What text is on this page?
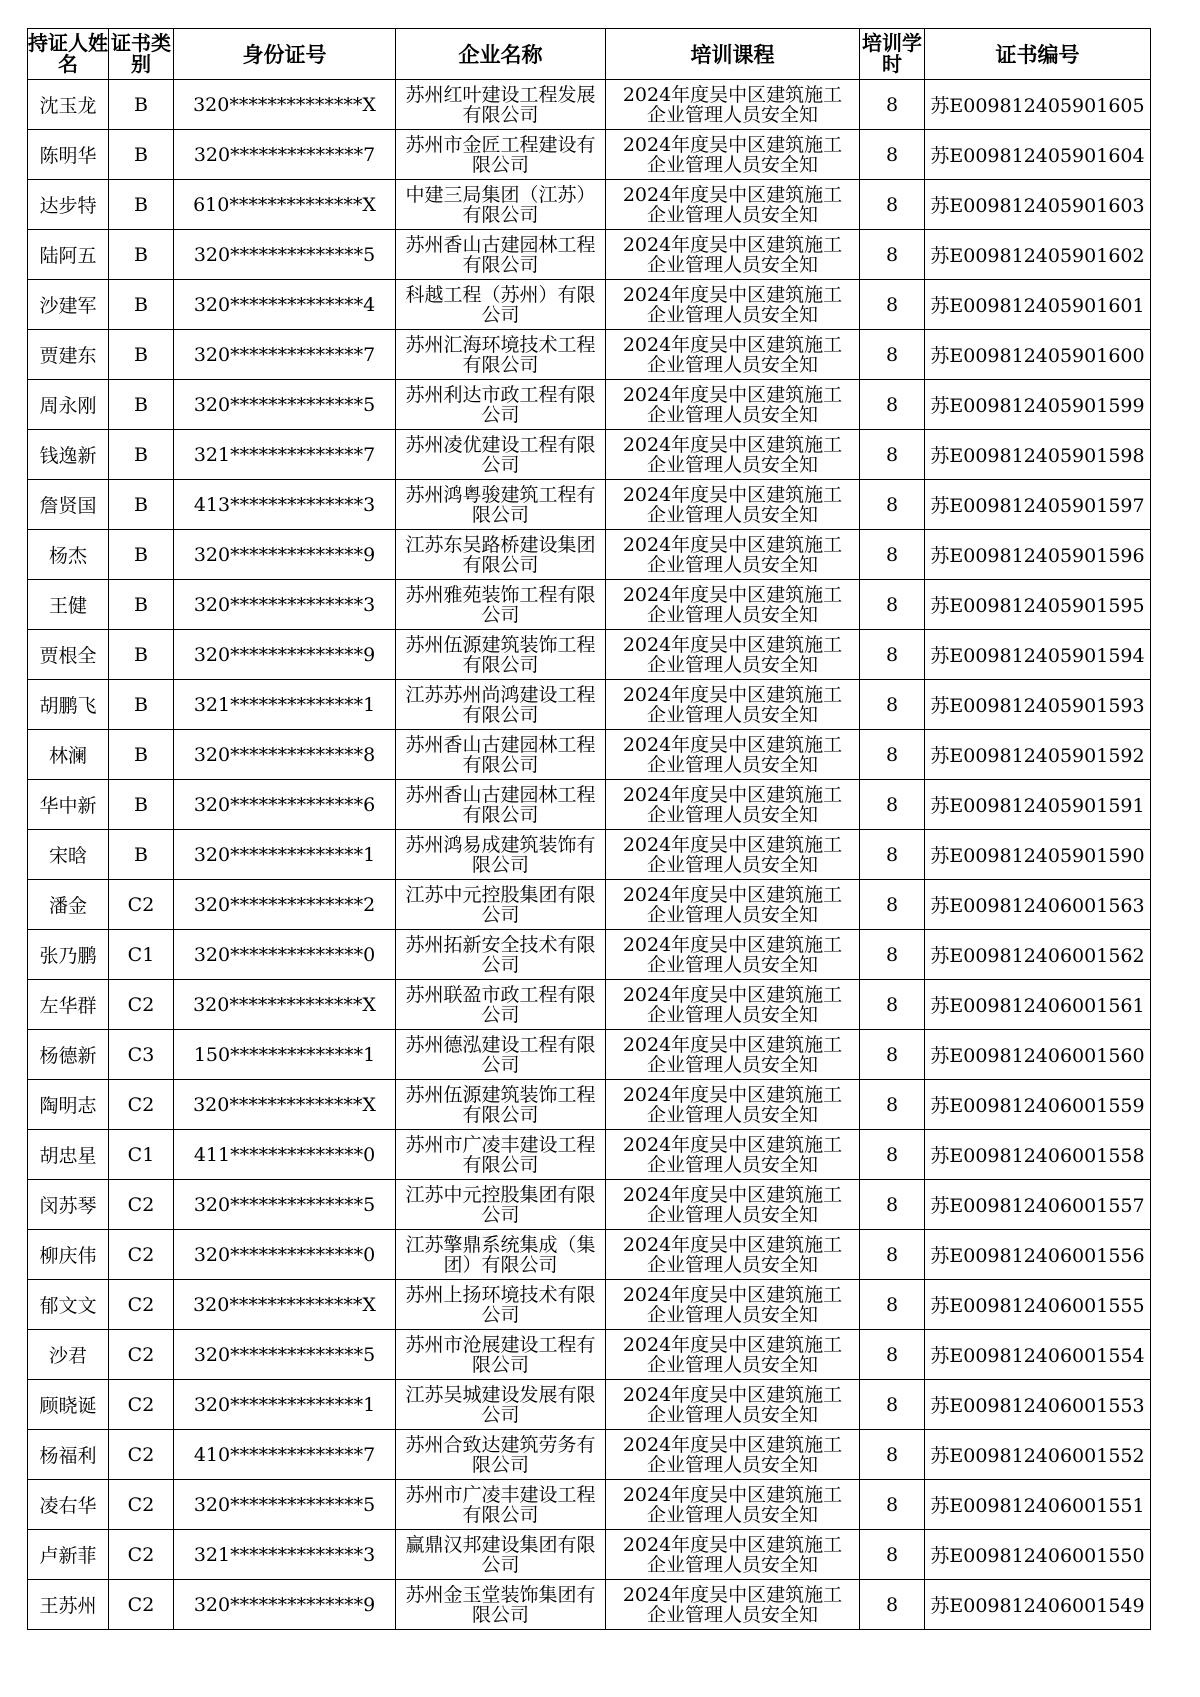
持证人姓名	证书类别	身份证号	企业名称	培训课程	培训学时	证书编号
沈玉龙	B	320**************X	苏州红叶建设工程发展有限公司	2024年度吴中区建筑施工企业管理人员安全知	8	苏E009812405901605
陈明华	B	320**************7	苏州市金匠工程建设有限公司	2024年度吴中区建筑施工企业管理人员安全知	8	苏E009812405901604
达步特	B	610**************X	中建三局集团（江苏）有限公司	2024年度吴中区建筑施工企业管理人员安全知	8	苏E009812405901603
陆阿五	B	320**************5	苏州香山古建园林工程有限公司	2024年度吴中区建筑施工企业管理人员安全知	8	苏E009812405901602
沙建军	B	320**************4	科越工程（苏州）有限公司	2024年度吴中区建筑施工企业管理人员安全知	8	苏E009812405901601
贾建东	B	320**************7	苏州汇海环境技术工程有限公司	2024年度吴中区建筑施工企业管理人员安全知	8	苏E009812405901600
周永刚	B	320**************5	苏州利达市政工程有限公司	2024年度吴中区建筑施工企业管理人员安全知	8	苏E009812405901599
钱逸新	B	321**************7	苏州凌优建设工程有限公司	2024年度吴中区建筑施工企业管理人员安全知	8	苏E009812405901598
詹贤国	B	413**************3	苏州鸿粤骏建筑工程有限公司	2024年度吴中区建筑施工企业管理人员安全知	8	苏E009812405901597
杨杰	B	320**************9	江苏东吴路桥建设集团有限公司	2024年度吴中区建筑施工企业管理人员安全知	8	苏E009812405901596
王健	B	320**************3	苏州雅苑装饰工程有限公司	2024年度吴中区建筑施工企业管理人员安全知	8	苏E009812405901595
贾根全	B	320**************9	苏州伍源建筑装饰工程有限公司	2024年度吴中区建筑施工企业管理人员安全知	8	苏E009812405901594
胡鹏飞	B	321**************1	江苏苏州尚鸿建设工程有限公司	2024年度吴中区建筑施工企业管理人员安全知	8	苏E009812405901593
林澜	B	320**************8	苏州香山古建园林工程有限公司	2024年度吴中区建筑施工企业管理人员安全知	8	苏E009812405901592
华中新	B	320**************6	苏州香山古建园林工程有限公司	2024年度吴中区建筑施工企业管理人员安全知	8	苏E009812405901591
宋晗	B	320**************1	苏州鸿易成建筑装饰有限公司	2024年度吴中区建筑施工企业管理人员安全知	8	苏E009812405901590
潘金	C2	320**************2	江苏中元控股集团有限公司	2024年度吴中区建筑施工企业管理人员安全知	8	苏E009812406001563
张乃鹏	C1	320**************0	苏州拓新安全技术有限公司	2024年度吴中区建筑施工企业管理人员安全知	8	苏E009812406001562
左华群	C2	320**************X	苏州联盈市政工程有限公司	2024年度吴中区建筑施工企业管理人员安全知	8	苏E009812406001561
杨德新	C3	150**************1	苏州德泓建设工程有限公司	2024年度吴中区建筑施工企业管理人员安全知	8	苏E009812406001560
陶明志	C2	320**************X	苏州伍源建筑装饰工程有限公司	2024年度吴中区建筑施工企业管理人员安全知	8	苏E009812406001559
胡忠星	C1	411**************0	苏州市广凌丰建设工程有限公司	2024年度吴中区建筑施工企业管理人员安全知	8	苏E009812406001558
闵苏琴	C2	320**************5	江苏中元控股集团有限公司	2024年度吴中区建筑施工企业管理人员安全知	8	苏E009812406001557
柳庆伟	C2	320**************0	江苏擎鼎系统集成（集团）有限公司	2024年度吴中区建筑施工企业管理人员安全知	8	苏E009812406001556
郁文文	C2	320**************X	苏州上扬环境技术有限公司	2024年度吴中区建筑施工企业管理人员安全知	8	苏E009812406001555
沙君	C2	320**************5	苏州市沧展建设工程有限公司	2024年度吴中区建筑施工企业管理人员安全知	8	苏E009812406001554
顾晓诞	C2	320**************1	江苏吴城建设发展有限公司	2024年度吴中区建筑施工企业管理人员安全知	8	苏E009812406001553
杨福利	C2	410**************7	苏州合致达建筑劳务有限公司	2024年度吴中区建筑施工企业管理人员安全知	8	苏E009812406001552
凌右华	C2	320**************5	苏州市广凌丰建设工程有限公司	2024年度吴中区建筑施工企业管理人员安全知	8	苏E009812406001551
卢新菲	C2	321**************3	赢鼎汉邦建设集团有限公司	2024年度吴中区建筑施工企业管理人员安全知	8	苏E009812406001550
王苏州	C2	320**************9	苏州金玉堂装饰集团有限公司	2024年度吴中区建筑施工企业管理人员安全知	8	苏E009812406001549
